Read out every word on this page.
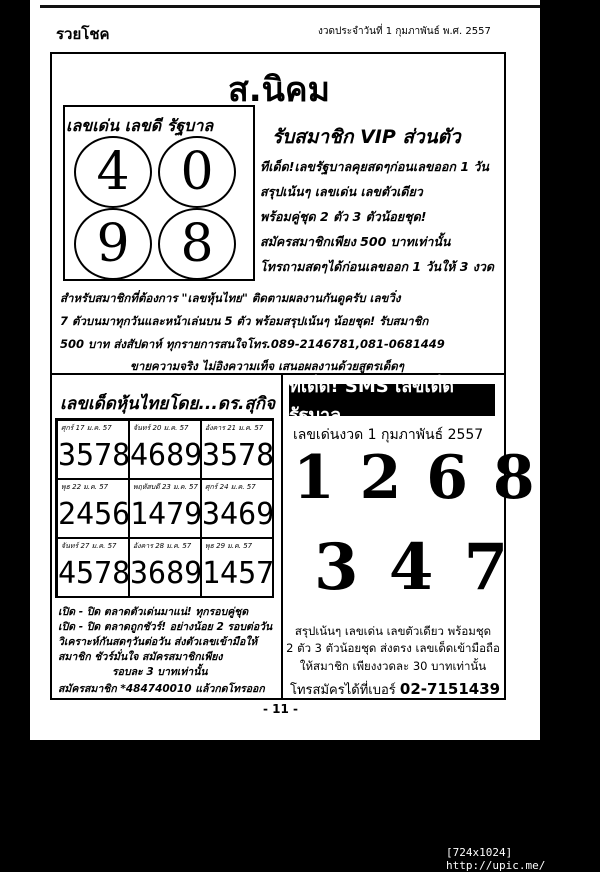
รวยโชค	งวดประจำวันที่ 1 กุมภาพันธ์ พ.ศ. 2557
ส.นิคม
เลขเด่น เลขดี รัฐบาล
4 0
9 8
รับสมาชิก VIP ส่วนตัว
ทีเด็ด!เลขรัฐบาลคุยสดๆก่อนเลขออก 1 วัน
สรุปเน้นๆ เลขเด่น เลขตัวเดียว
พร้อมคู่ชุด 2 ตัว 3 ตัวน้อยชุด!
สมัครสมาชิกเพียง 500 บาทเท่านั้น
โทรถามสดๆได้ก่อนเลขออก 1 วันให้ 3 งวด
สำหรับสมาชิกที่ต้องการ "เลขหุ้นไทย" ติดตามผลงานกันดูครับ เลขวิ่ง
7 ตัวบนมาทุกวันและหน้าเล่นบน 5 ตัว พร้อมสรุปเน้นๆ น้อยชุด! รับสมาชิก
500 บาท ส่งสัปดาห์ ทุกรายการสนใจโทร.089-2146781,081-0681449
ขายความจริง ไม่อิงความเท็จ เสนอผลงานด้วยสูตรเด็ดๆ
เลขเด็ดหุ้นไทยโดย...ดร.สุกิจ
ศุกร์ 17 ม.ค. 57
3578
จันทร์ 20 ม.ค. 57
4689
อังคาร 21 ม.ค. 57
3578
พุธ 22 ม.ค. 57
2456
พฤหัสบดี 23 ม.ค. 57
1479
ศุกร์ 24 ม.ค. 57
3469
จันทร์ 27 ม.ค. 57
4578
อังคาร 28 ม.ค. 57
3689
พุธ 29 ม.ค. 57
1457
เปิด - ปิด ตลาดตัวเด่นมาแน่! ทุกรอบคู่ชุด
เปิด - ปิด ตลาดถูกชัวร์! อย่างน้อย 2 รอบต่อวัน
วิเคราะห์กันสดๆวันต่อวัน ส่งตัวเลขเข้ามือให้
สมาชิก ชัวร์มั่นใจ สมัครสมาชิกเพียง
รอบละ 3 บาทเท่านั้น
สมัครสมาชิก *484740010 แล้วกดโทรออก
ทีเด็ด! SMS เลขเด็ดรัฐบาล
เลขเด่นงวด 1 กุมภาพันธ์ 2557
1 2 6 8
3 4 7
สรุปเน้นๆ เลขเด่น เลขตัวเดียว พร้อมชุด
2 ตัว 3 ตัวน้อยชุด ส่งตรง เลขเด็ดเข้ามือถือ
ให้สมาชิก เพียงงวดละ 30 บาทเท่านั้น
โทรสมัครได้ที่เบอร์ 02-7151439
- 11 -
[724x1024] http://upic.me/
